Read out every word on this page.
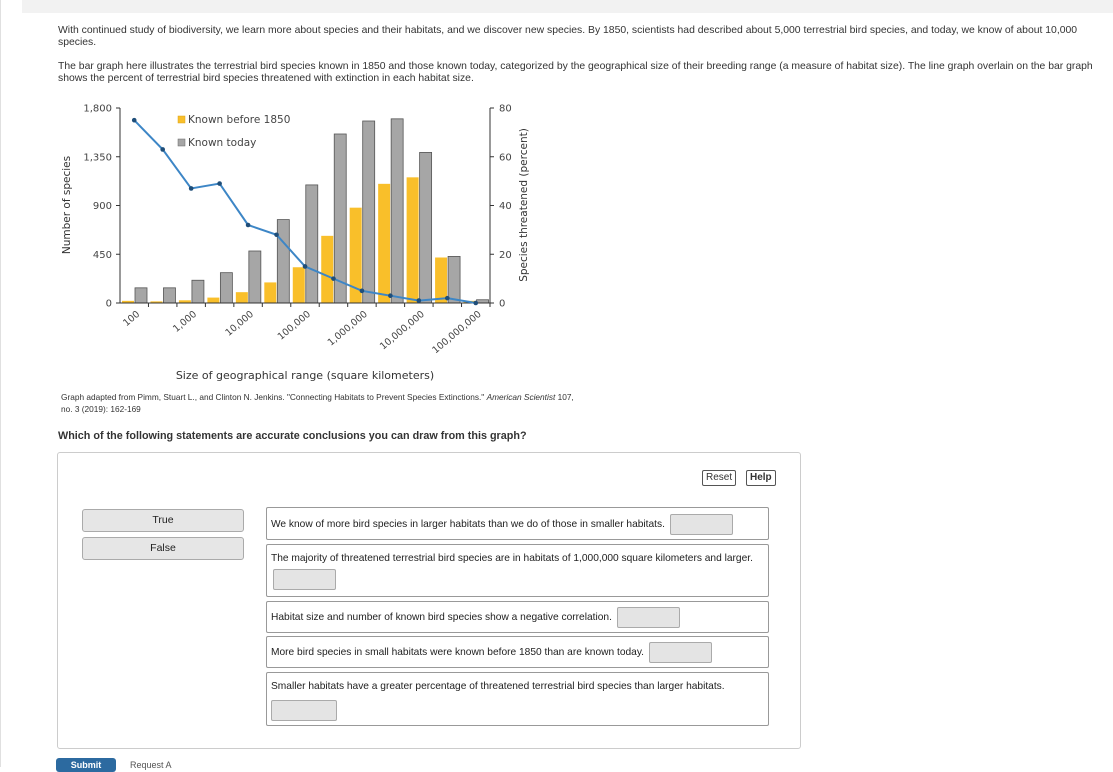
With continued study of biodiversity, we learn more about species and their habitats, and we discover new species. By 1850, scientists had described about 5,000 terrestrial bird species, and today, we know of about 10,000 species.
The bar graph here illustrates the terrestrial bird species known in 1850 and those known today, categorized by the geographical size of their breeding range (a measure of habitat size). The line graph overlain on the bar graph shows the percent of terrestrial bird species threatened with extinction in each habitat size.
0
450
900
1,350
1,800
0
20
40
60
80
100	1,000	10,000 100,000 1,000,000 10,000,000 100,000,000
Known before 1850
Known today
Number of species	Species threatened (percent)
Size of geographical range (square kilometers)
Graph adapted from Pimm, Stuart L., and Clinton N. Jenkins. "Connecting Habitats to Prevent Species Extinctions." American Scientist 107, no. 3 (2019): 162-169
Which of the following statements are accurate conclusions you can draw from this graph?
Reset	Help
True
False
We know of more bird species in larger habitats than we do of those in smaller habitats.
The majority of threatened terrestrial bird species are in habitats of 1,000,000 square kilometers and larger.
Habitat size and number of known bird species show a negative correlation.
More bird species in small habitats were known before 1850 than are known today.
Smaller habitats have a greater percentage of threatened terrestrial bird species than larger habitats.
Submit	Request A
